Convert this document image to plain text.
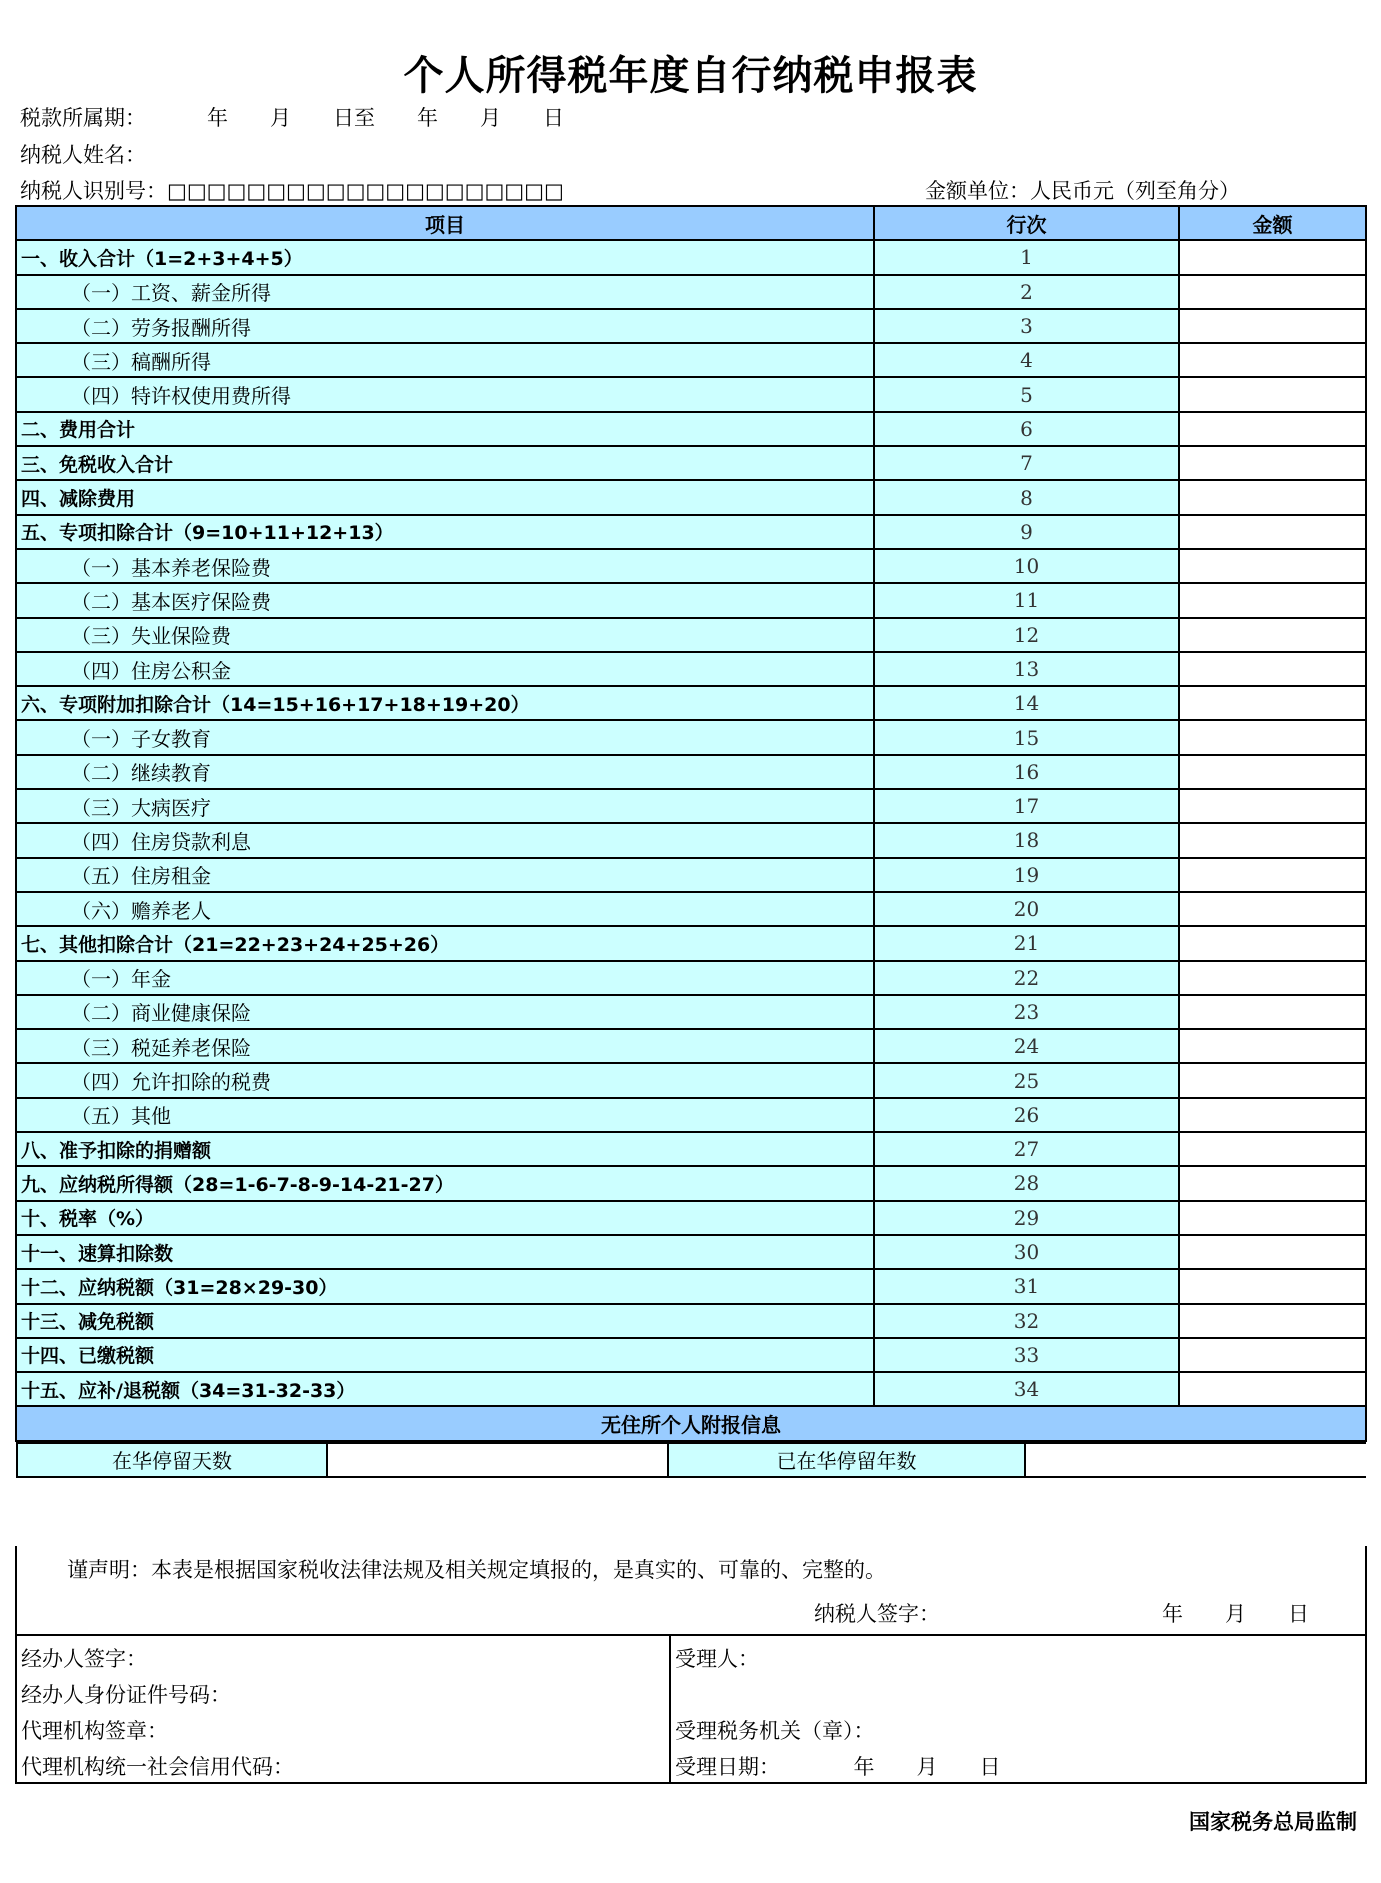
个人所得税年度自行纳税申报表
税款所属期：	年　　月　　日至　　年　　月　　日
纳税人姓名：
纳税人识别号：□□□□□□□□□□□□□□□□□□□□	金额单位：人民币元（列至角分）
项目	行次	金额
一、收入合计（1=2+3+4+5）	1	
（一）工资、薪金所得	2	
（二）劳务报酬所得	3	
（三）稿酬所得	4	
（四）特许权使用费所得	5	
二、费用合计	6	
三、免税收入合计	7	
四、减除费用	8	
五、专项扣除合计（9=10+11+12+13）	9	
（一）基本养老保险费	10	
（二）基本医疗保险费	11	
（三）失业保险费	12	
（四）住房公积金	13	
六、专项附加扣除合计（14=15+16+17+18+19+20）	14	
（一）子女教育	15	
（二）继续教育	16	
（三）大病医疗	17	
（四）住房贷款利息	18	
（五）住房租金	19	
（六）赡养老人	20	
七、其他扣除合计（21=22+23+24+25+26）	21	
（一）年金	22	
（二）商业健康保险	23	
（三）税延养老保险	24	
（四）允许扣除的税费	25	
（五）其他	26	
八、准予扣除的捐赠额	27	
九、应纳税所得额（28=1-6-7-8-9-14-21-27）	28	
十、税率（%）	29	
十一、速算扣除数	30	
十二、应纳税额（31=28×29-30）	31	
十三、减免税额	32	
十四、已缴税额	33	
十五、应补/退税额（34=31-32-33）	34	
无住所个人附报信息

在华停留天数		已在华停留年数	
谨声明：本表是根据国家税收法律法规及相关规定填报的，是真实的、可靠的、完整的。
纳税人签字：	年　　月　　日
经办人签字：
经办人身份证件号码：
代理机构签章：
代理机构统一社会信用代码：
受理人：
受理税务机关（章）：
受理日期：　　　　年　　月　　日
国家税务总局监制
